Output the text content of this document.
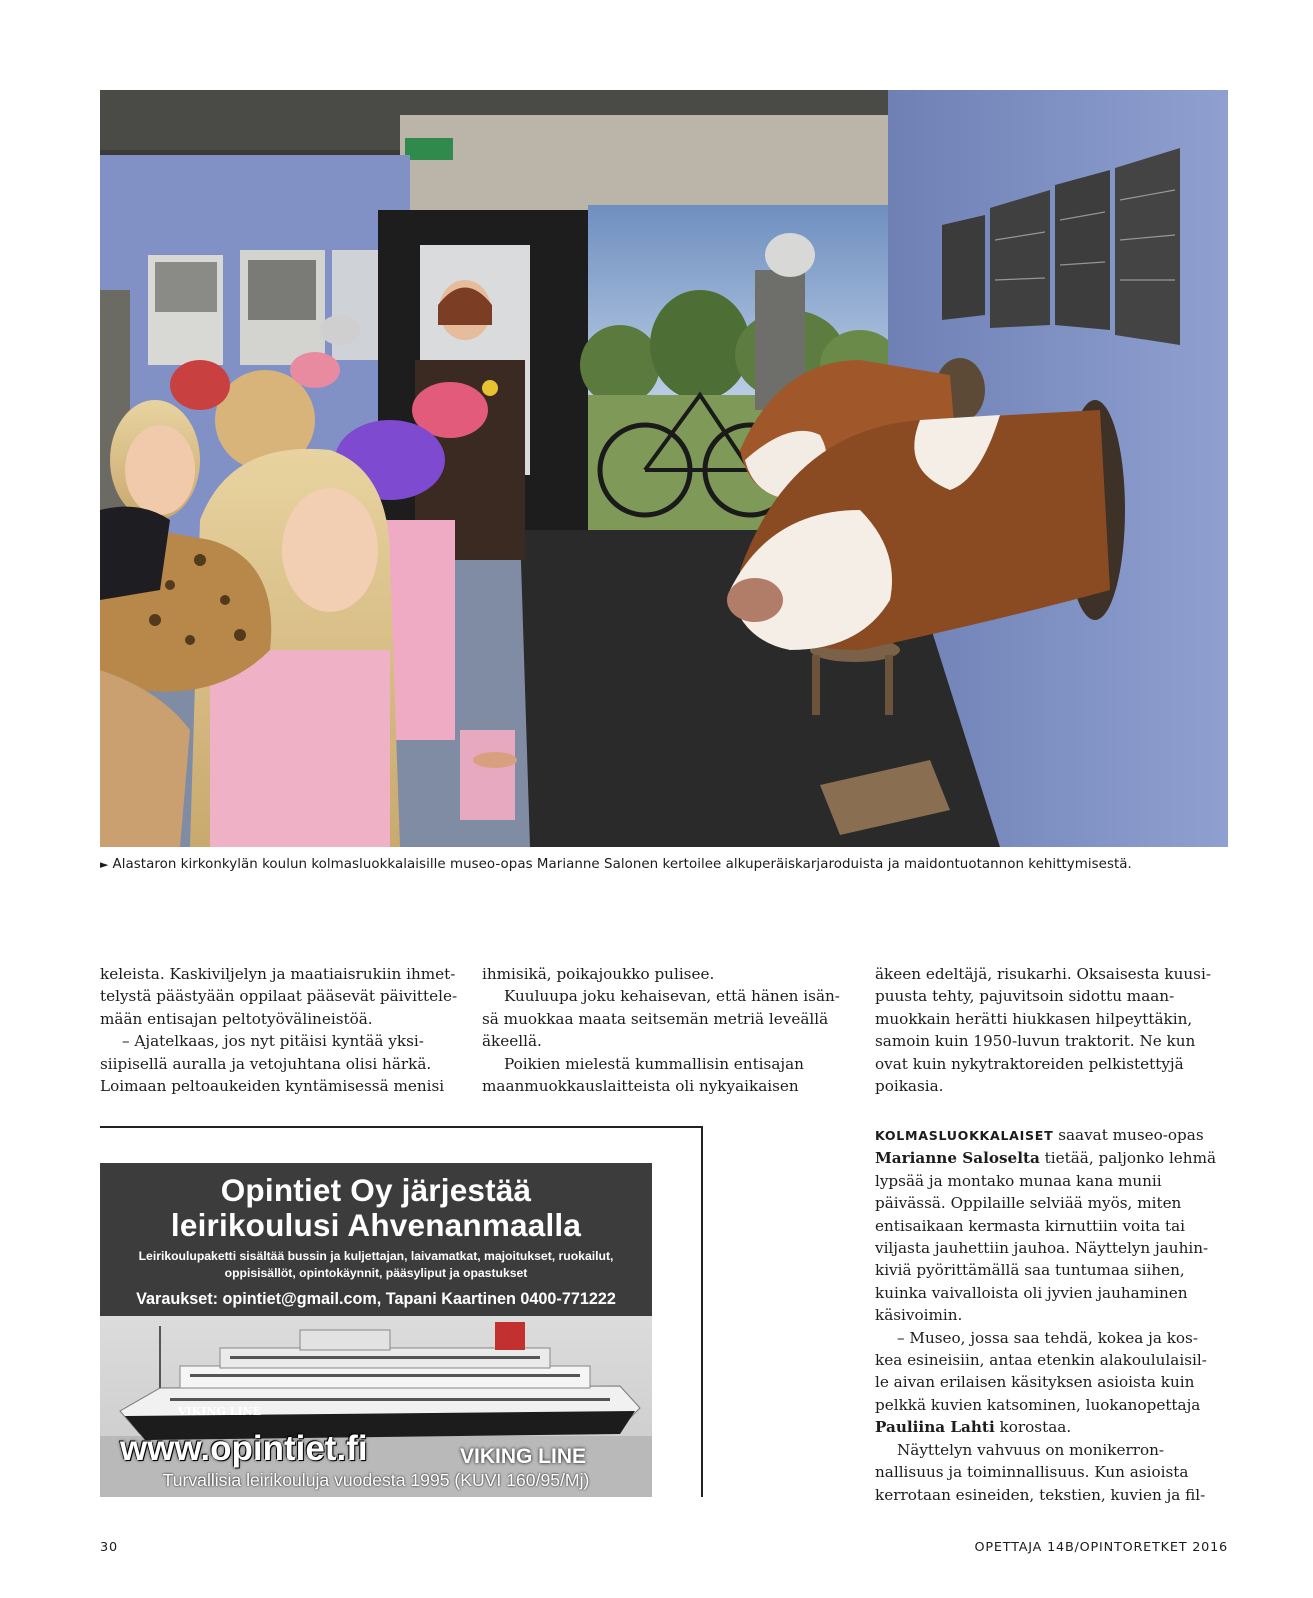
► Alastaron kirkonkylän koulun kolmasluokkalaisille museo-opas Marianne Salonen kertoilee alkuperäiskarjaroduista ja maidontuotannon kehittymisestä.

keleista. Kaskiviljelyn ja maatiaisrukiin ihmet-

telystä päästyään oppilaat pääsevät päivittele-

mään entisajan peltotyövälineistöä.

– Ajatelkaas, jos nyt pitäisi kyntää yksi-

siipisellä auralla ja vetojuhtana olisi härkä.

Loimaan peltoaukeiden kyntämisessä menisi

ihmisikä, poikajoukko pulisee.

Kuuluupa joku kehaisevan, että hänen isän-

sä muokkaa maata seitsemän metriä leveällä

äkeellä.

Poikien mielestä kummallisin entisajan

maanmuokkauslaitteista oli nykyaikaisen

äkeen edeltäjä, risukarhi. Oksaisesta kuusi-

puusta tehty, pajuvitsoin sidottu maan-

muokkain herätti hiukkasen hilpeyttäkin,

samoin kuin 1950-luvun traktorit. Ne kun

ovat kuin nykytraktoreiden pelkistettyjä

poikasia.

KOLMASLUOKKALAISET saavat museo-opas

Marianne Saloselta tietää, paljonko lehmä

lypsää ja montako munaa kana munii

päivässä. Oppilaille selviää myös, miten

entisaikaan kermasta kirnuttiin voita tai

viljasta jauhettiin jauhoa. Näyttelyn jauhin-

kiviä pyörittämällä saa tuntumaa siihen,

kuinka vaivalloista oli jyvien jauhaminen

käsivoimin.

– Museo, jossa saa tehdä, kokea ja kos-

kea esineisiin, antaa etenkin alakoululaisil-

le aivan erilaisen käsityksen asioista kuin

pelkkä kuvien katsominen, luokanopettaja

Pauliina Lahti korostaa.

Näyttelyn vahvuus on monikerron-

nallisuus ja toiminnallisuus. Kun asioista

kerrotaan esineiden, tekstien, kuvien ja fil-

Opintiet Oy järjestää
leirikoulusi Ahvenanmaalla
Leirikoulupaketti sisältää bussin ja kuljettajan, laivamatkat, majoitukset, ruokailut,
oppisisällöt, opintokäynnit, pääsyliput ja opastukset
Varaukset: opintiet@gmail.com, Tapani Kaartinen 0400-771222
VIKING LINE
www.opintiet.fi	VIKING LINE
Turvallisia leirikouluja vuodesta 1995 (KUVI 160/95/Mj)
30	OPETTAJA 14B/OPINTORETKET 2016
